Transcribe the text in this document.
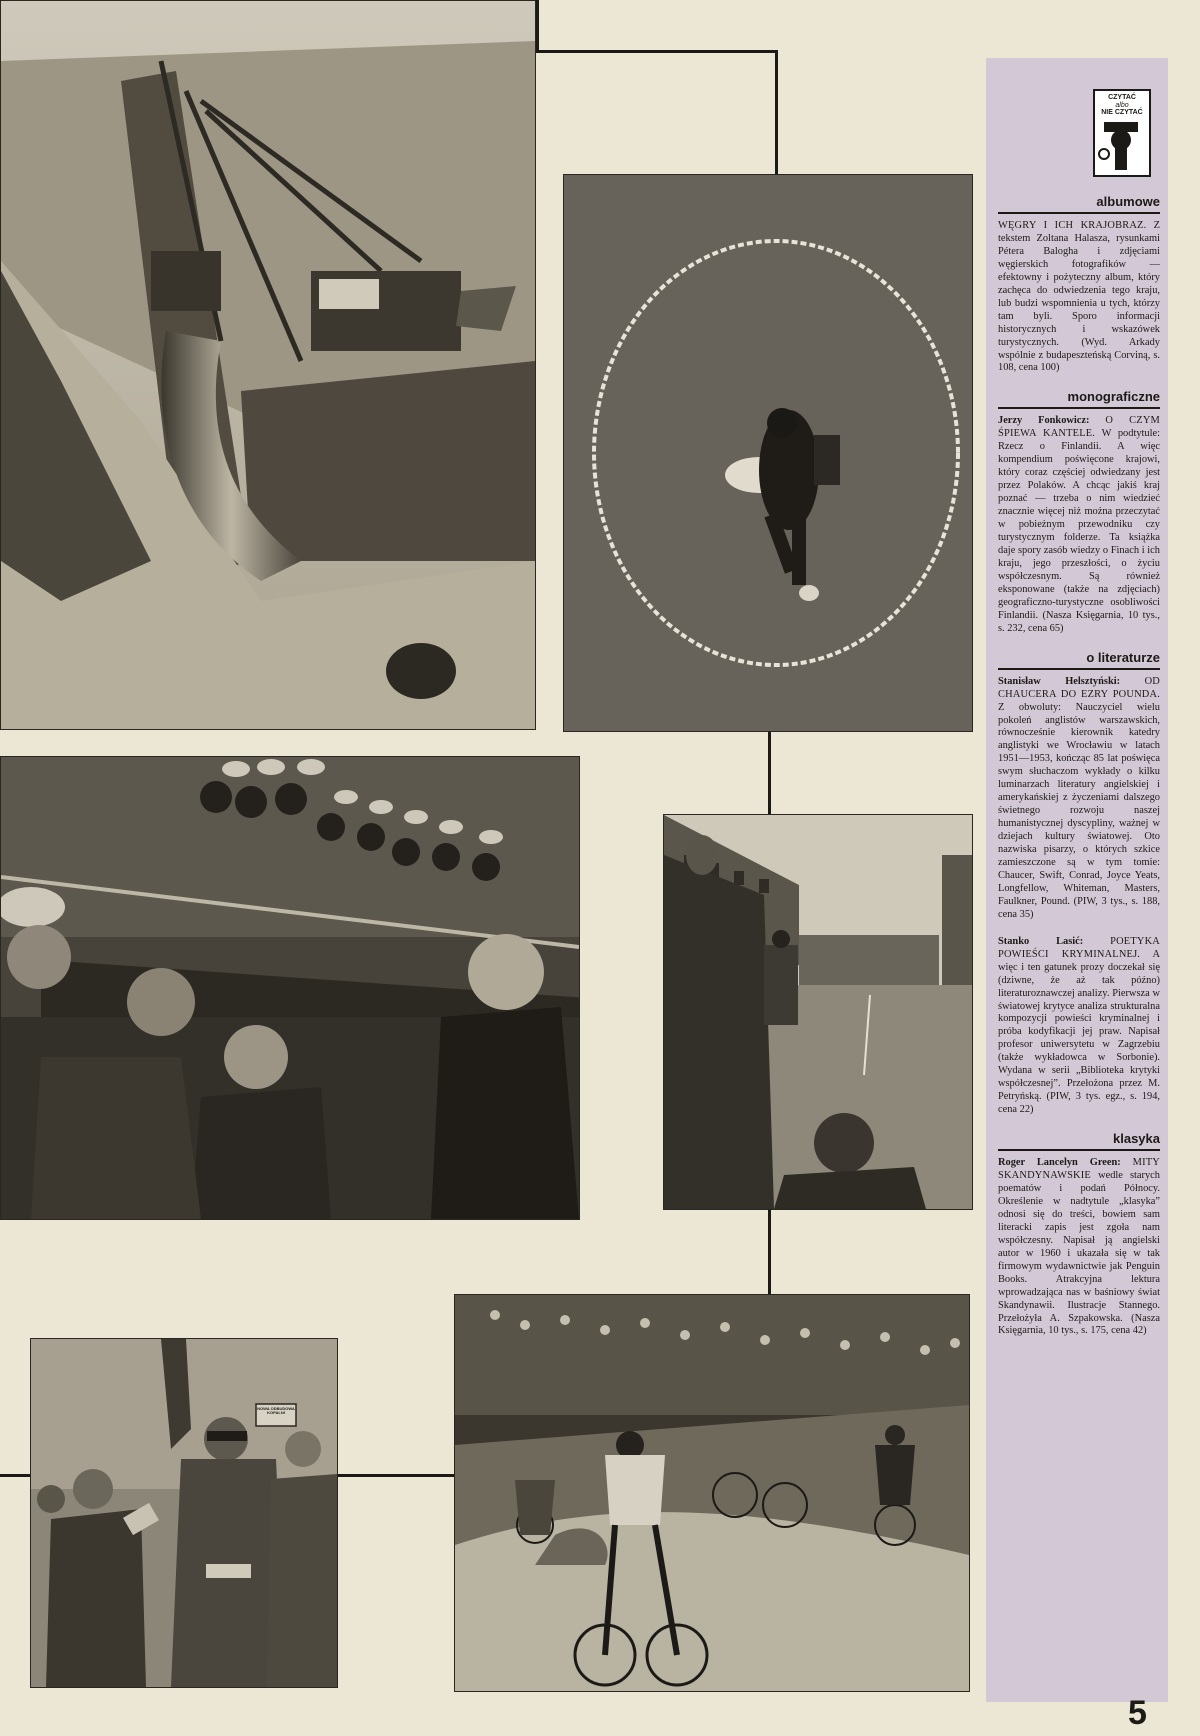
NOWA ODBUDOWA KOPALNI
CZYTAĆ
albo
NIE CZYTAĆ
albumowe

WĘGRY I ICH KRAJOBRAZ. Z tekstem Zoltana Halasza, rysunkami Pétera Balogha i zdjęciami węgierskich fotografików — efektowny i pożyteczny album, który zachęca do odwiedzenia tego kraju, lub budzi wspomnienia u tych, którzy tam byli. Sporo informacji historycznych i wskazówek turystycznych. (Wyd. Arkady wspólnie z budapeszteńską Corviną, s. 108, cena 100)

monograficzne

Jerzy Fonkowicz: O CZYM ŚPIEWA KANTELE. W podtytule: Rzecz o Finlandii. A więc kompendium poświęcone krajowi, który coraz częściej odwiedzany jest przez Polaków. A chcąc jakiś kraj poznać — trzeba o nim wiedzieć znacznie więcej niż można przeczytać w pobieżnym przewodniku czy turystycznym folderze. Ta książka daje spory zasób wiedzy o Finach i ich kraju, jego przeszłości, o życiu współczesnym. Są również eksponowane (także na zdjęciach) geograficzno-turystyczne osobliwości Finlandii. (Nasza Księgarnia, 10 tys., s. 232, cena 65)

o literaturze

Stanisław Helsztyński: OD CHAUCERA DO EZRY POUNDA. Z obwoluty: Nauczyciel wielu pokoleń anglistów warszawskich, równocześnie kierownik katedry anglistyki we Wrocławiu w latach 1951—1953, kończąc 85 lat poświęca swym słuchaczom wykłady o kilku luminarzach literatury angielskiej i amerykańskiej z życzeniami dalszego świetnego rozwoju naszej humanistycznej dyscypliny, ważnej w dziejach kultury światowej. Oto nazwiska pisarzy, o których szkice zamieszczone są w tym tomie: Chaucer, Swift, Conrad, Joyce Yeats, Longfellow, Whiteman, Masters, Faulkner, Pound. (PIW, 3 tys., s. 188, cena 35)

Stanko Lasić:	POETYKA POWIEŚCI KRYMINALNEJ. A więc i ten gatunek prozy doczekał się (dziwne, że aż tak późno) literaturoznawczej analizy. Pierwsza w światowej krytyce analiza strukturalna kompozycji powieści kryminalnej i próba kodyfikacji jej praw. Napisał profesor uniwersytetu w Zagrzebiu (także wykładowca w Sorbonie). Wydana w serii „Biblioteka krytyki współczesnej”. Przełożona przez M. Petryńską. (PIW, 3 tys. egz., s. 194, cena 22)

klasyka

Roger Lancelyn Green: MITY SKANDYNAWSKIE wedle starych poematów i podań Północy. Określenie w nadtytule „klasyka” odnosi się do treści, bowiem sam literacki zapis jest zgoła nam współczesny. Napisał ją angielski autor w 1960 i ukazała się w tak firmowym wydawnictwie jak Penguin Books. Atrakcyjna lektura wprowadzająca nas w baśniowy świat Skandynawii. Ilustracje Stannego. Przełożyła A. Szpakowska. (Nasza Księgarnia, 10 tys., s. 175, cena 42)

5
